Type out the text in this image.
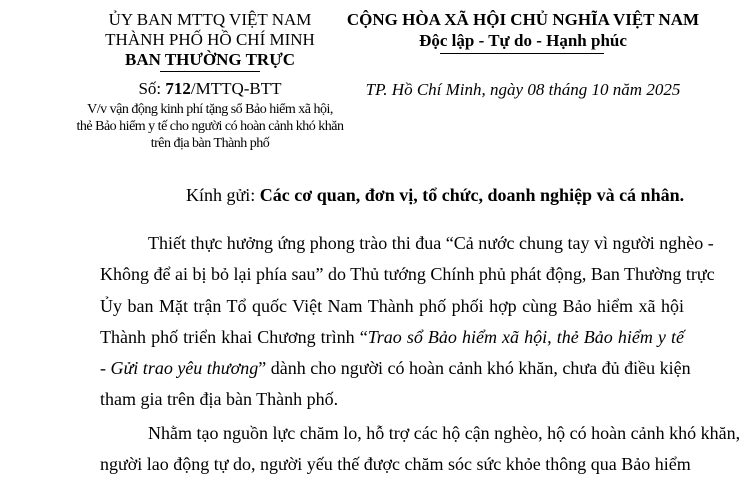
ỦY BAN MTTQ VIỆT NAM
THÀNH PHỐ HỒ CHÍ MINH
BAN THƯỜNG TRỰC
Số: 712/MTTQ-BTT
V/v vận động kinh phí tặng sổ Bảo hiểm xã hội,
thẻ Bảo hiểm y tế cho người có hoàn cảnh khó khăn
trên địa bàn Thành phố
CỘNG HÒA XÃ HỘI CHỦ NGHĨA VIỆT NAM
Độc lập - Tự do - Hạnh phúc
TP. Hồ Chí Minh, ngày 08 tháng 10 năm 2025
Kính gửi: Các cơ quan, đơn vị, tổ chức, doanh nghiệp và cá nhân.
Thiết thực hưởng ứng phong trào thi đua “Cả nước chung tay vì người nghèo -
Không để ai bị bỏ lại phía sau” do Thủ tướng Chính phủ phát động, Ban Thường trực
Ủy ban Mặt trận Tổ quốc Việt Nam Thành phố phối hợp cùng Bảo hiểm xã hội
Thành phố triển khai Chương trình “Trao sổ Bảo hiểm xã hội, thẻ Bảo hiểm y tế
- Gửi trao yêu thương” dành cho người có hoàn cảnh khó khăn, chưa đủ điều kiện
tham gia trên địa bàn Thành phố.
Nhằm tạo nguồn lực chăm lo, hỗ trợ các hộ cận nghèo, hộ có hoàn cảnh khó khăn,
người lao động tự do, người yếu thế được chăm sóc sức khỏe thông qua Bảo hiểm
